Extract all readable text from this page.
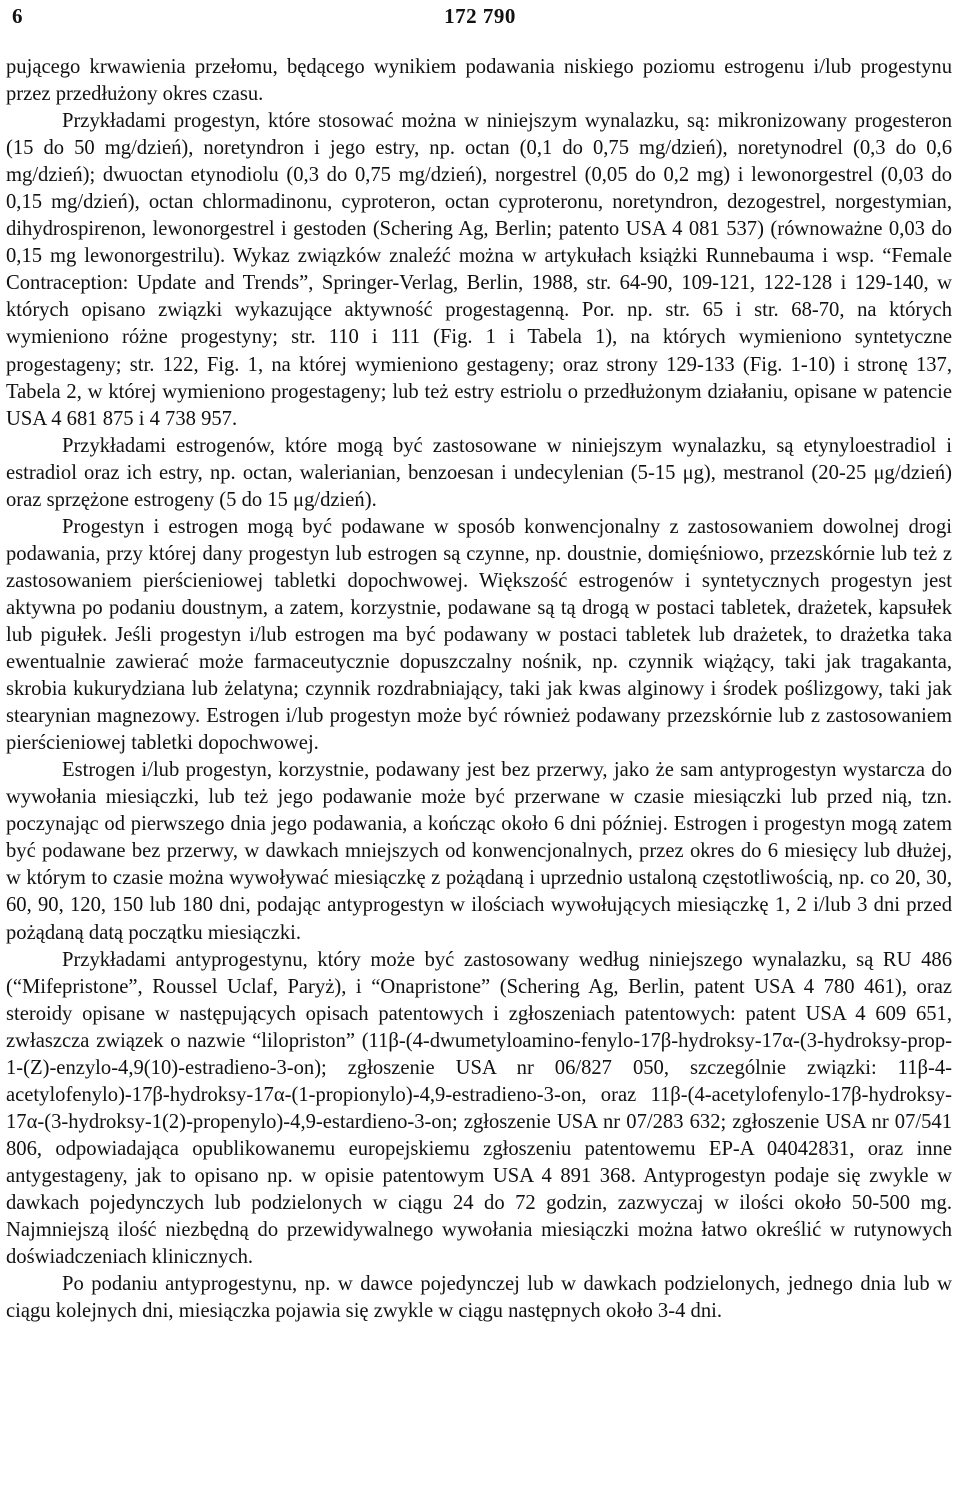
6	172 790

pującego krwawienia przełomu, będącego wynikiem podawania niskiego poziomu estrogenu i/lub progestynu przez przedłużony okres czasu.

Przykładami progestyn, które stosować można w niniejszym wynalazku, są: mikronizowany progesteron (15 do 50 mg/dzień), noretyndron i jego estry, np. octan (0,1 do 0,75 mg/dzień), noretynodrel (0,3 do 0,6 mg/dzień); dwuoctan etynodiolu (0,3 do 0,75 mg/dzień), norgestrel (0,05 do 0,2 mg) i lewonorgestrel (0,03 do 0,15 mg/dzień), octan chlormadinonu, cyproteron, octan cyproteronu, noretyndron, dezogestrel, norgestymian, dihydrospirenon, lewonorgestrel i gestoden (Schering Ag, Berlin; patento USA 4 081 537) (równoważne 0,03 do 0,15 mg lewonorgestrilu). Wykaz związków znaleźć można w artykułach książki Runnebauma i wsp. “Female Contraception: Update and Trends”, Springer-Verlag, Berlin, 1988, str. 64-90, 109-121, 122-128 i 129-140, w których opisano związki wykazujące aktywność progestagenną. Por. np. str. 65 i str. 68-70, na których wymieniono różne progestyny; str. 110 i 111 (Fig. 1 i Tabela 1), na których wymieniono syntetyczne progestageny; str. 122, Fig. 1, na której wymieniono gestageny; oraz strony 129-133 (Fig. 1-10) i stronę 137, Tabela 2, w której wymieniono progestageny; lub też estry estriolu o przedłużonym działaniu, opisane w patencie USA 4 681 875 i 4 738 957.

Przykładami estrogenów, które mogą być zastosowane w niniejszym wynalazku, są etynyloestradiol i estradiol oraz ich estry, np. octan, walerianian, benzoesan i undecylenian (5-15 μg), mestranol (20-25 μg/dzień) oraz sprzężone estrogeny (5 do 15 μg/dzień).

Progestyn i estrogen mogą być podawane w sposób konwencjonalny z zastosowaniem dowolnej drogi podawania, przy której dany progestyn lub estrogen są czynne, np. doustnie, domięśniowo, przezskórnie lub też z zastosowaniem pierścieniowej tabletki dopochwowej. Większość estrogenów i syntetycznych progestyn jest aktywna po podaniu doustnym, a zatem, korzystnie, podawane są tą drogą w postaci tabletek, drażetek, kapsułek lub pigułek. Jeśli progestyn i/lub estrogen ma być podawany w postaci tabletek lub drażetek, to drażetka taka ewentualnie zawierać może farmaceutycznie dopuszczalny nośnik, np. czynnik wiążący, taki jak tragakanta, skrobia kukurydziana lub żelatyna; czynnik rozdrabniający, taki jak kwas alginowy i środek poślizgowy, taki jak stearynian magnezowy. Estrogen i/lub progestyn może być również podawany przezskórnie lub z zastosowaniem pierścieniowej tabletki dopochwowej.

Estrogen i/lub progestyn, korzystnie, podawany jest bez przerwy, jako że sam antyprogestyn wystarcza do wywołania miesiączki, lub też jego podawanie może być przerwane w czasie miesiączki lub przed nią, tzn. poczynając od pierwszego dnia jego podawania, a kończąc około 6 dni później. Estrogen i progestyn mogą zatem być podawane bez przerwy, w dawkach mniejszych od konwencjonalnych, przez okres do 6 miesięcy lub dłużej, w którym to czasie można wywoływać miesiączkę z pożądaną i uprzednio ustaloną częstotliwością, np. co 20, 30, 60, 90, 120, 150 lub 180 dni, podając antyprogestyn w ilościach wywołujących miesiączkę 1, 2 i/lub 3 dni przed pożądaną datą początku miesiączki.

Przykładami antyprogestynu, który może być zastosowany według niniejszego wynalazku, są RU 486 (“Mifepristone”, Roussel Uclaf, Paryż), i “Onapristone” (Schering Ag, Berlin, patent USA 4 780 461), oraz steroidy opisane w następujących opisach patentowych i zgłoszeniach patentowych: patent USA 4 609 651, zwłaszcza związek o nazwie “lilopriston” (11β-(4-dwumetyloamino-fenylo-17β-hydroksy-17α-(3-hydroksy-prop-1-(Z)-enzylo-4,9(10)-estradieno-3-on); zgłoszenie USA nr 06/827 050, szczególnie związki: 11β-4-acetylofenylo)-17β-hydroksy-17α-(1-propionylo)-4,9-estradieno-3-on, oraz 11β-(4-acetylofenylo-17β-hydroksy-17α-(3-hydroksy-1(2)-propenylo)-4,9-estardieno-3-on; zgłoszenie USA nr 07/283 632; zgłoszenie USA nr 07/541 806, odpowiadająca opublikowanemu europejskiemu zgłoszeniu patentowemu EP-A 04042831, oraz inne antygestageny, jak to opisano np. w opisie patentowym USA 4 891 368. Antyprogestyn podaje się zwykle w dawkach pojedynczych lub podzielonych w ciągu 24 do 72 godzin, zazwyczaj w ilości około 50-500 mg. Najmniejszą ilość niezbędną do przewidywalnego wywołania miesiączki można łatwo określić w rutynowych doświadczeniach klinicznych.

Po podaniu antyprogestynu, np. w dawce pojedynczej lub w dawkach podzielonych, jednego dnia lub w ciągu kolejnych dni, miesiączka pojawia się zwykle w ciągu następnych około 3-4 dni.
